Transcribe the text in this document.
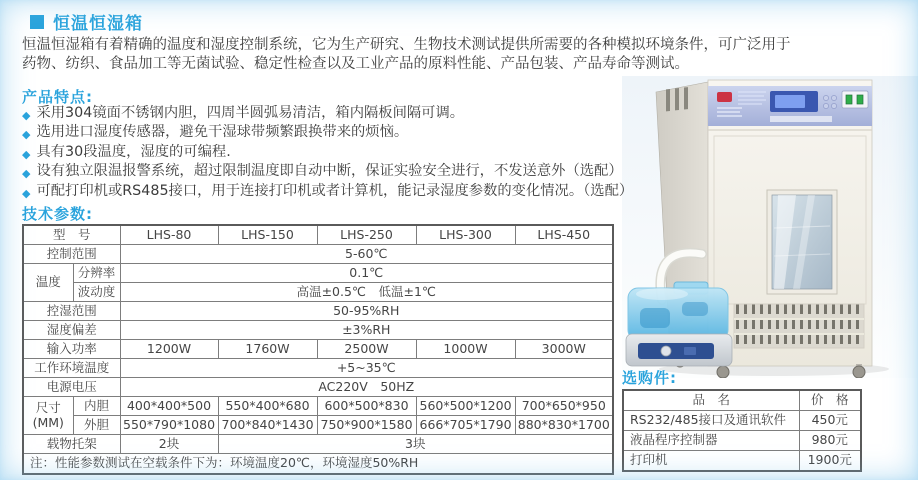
恒温恒湿箱
恒温恒湿箱有着精确的温度和湿度控制系统，它为生产研究、生物技术测试提供所需要的各种模拟环境条件，可广泛用于
药物、纺织、食品加工等无菌试验、稳定性检查以及工业产品的原料性能、产品包装、产品寿命等测试。
产品特点:
◆ 采用304镜面不锈钢内胆，四周半圆弧易清洁，箱内隔板间隔可调。
◆ 选用进口湿度传感器，避免干湿球带频繁跟换带来的烦恼。
◆ 具有30段温度，湿度的可编程.
◆ 设有独立限温报警系统，超过限制温度即自动中断，保证实验安全进行，不发送意外（选配）
◆ 可配打印机或RS485接口，用于连接打印机或者计算机，能记录湿度参数的变化情况。（选配）
技术参数:
型　号		LHS-80	LHS-150	LHS-250	LHS-300	LHS-450
控制范围		5-60℃				
温度	分辨率	0.1℃				
	波动度	高温±0.5℃　低温±1℃				
控湿范围		50-95%RH				
湿度偏差		±3%RH				
输入功率		1200W	1760W	2500W	1000W	3000W
工作环境温度		+5~35℃				
电源电压		AC220V　50HZ				
尺寸
(MM)	内胆	400*400*500	550*400*680	600*500*830	560*500*1200	700*650*950
	外胆	550*790*1080	700*840*1430	750*900*1580	666*705*1790	880*830*1700
载物托架		2块	3块			
注：性能参数测试在空载条件下为：环境温度20℃，环境湿度50%RH						
选购件:
品　名	价　格
RS232/485接口及通讯软件	450元
液晶程序控制器	980元
打印机	1900元
